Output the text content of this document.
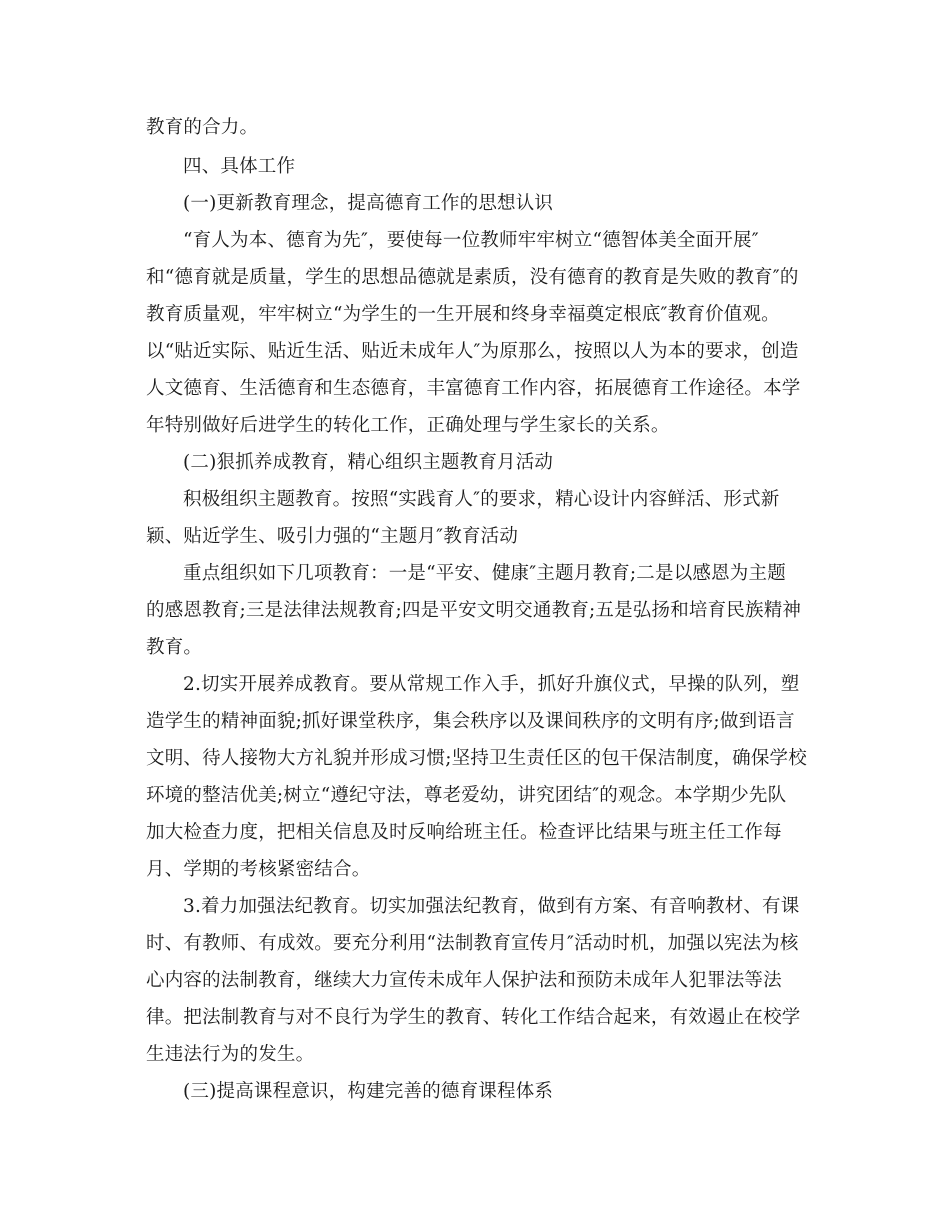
教育的合力。
四、具体工作
(一)更新教育理念，提高德育工作的思想认识
“育人为本、德育为先″，要使每一位教师牢牢树立“德智体美全面开展″
和“德育就是质量，学生的思想品德就是素质，没有德育的教育是失败的教育″的
教育质量观，牢牢树立“为学生的一生开展和终身幸福奠定根底″教育价值观。
以“贴近实际、贴近生活、贴近未成年人″为原那么，按照以人为本的要求，创造
人文德育、生活德育和生态德育，丰富德育工作内容，拓展德育工作途径。本学
年特别做好后进学生的转化工作，正确处理与学生家长的关系。
(二)狠抓养成教育，精心组织主题教育月活动
积极组织主题教育。按照“实践育人″的要求，精心设计内容鲜活、形式新
颖、贴近学生、吸引力强的“主题月″教育活动
重点组织如下几项教育：一是“平安、健康″主题月教育;二是以感恩为主题
的感恩教育;三是法律法规教育;四是平安文明交通教育;五是弘扬和培育民族精神
教育。
2.切实开展养成教育。要从常规工作入手，抓好升旗仪式，早操的队列，塑
造学生的精神面貌;抓好课堂秩序，集会秩序以及课间秩序的文明有序;做到语言
文明、待人接物大方礼貌并形成习惯;坚持卫生责任区的包干保洁制度，确保学校
环境的整洁优美;树立“遵纪守法，尊老爱幼，讲究团结″的观念。本学期少先队
加大检查力度，把相关信息及时反响给班主任。检查评比结果与班主任工作每
月、学期的考核紧密结合。
3.着力加强法纪教育。切实加强法纪教育，做到有方案、有音响教材、有课
时、有教师、有成效。要充分利用“法制教育宣传月″活动时机，加强以宪法为核
心内容的法制教育，继续大力宣传未成年人保护法和预防未成年人犯罪法等法
律。把法制教育与对不良行为学生的教育、转化工作结合起来，有效遏止在校学
生违法行为的发生。
(三)提高课程意识，构建完善的德育课程体系
